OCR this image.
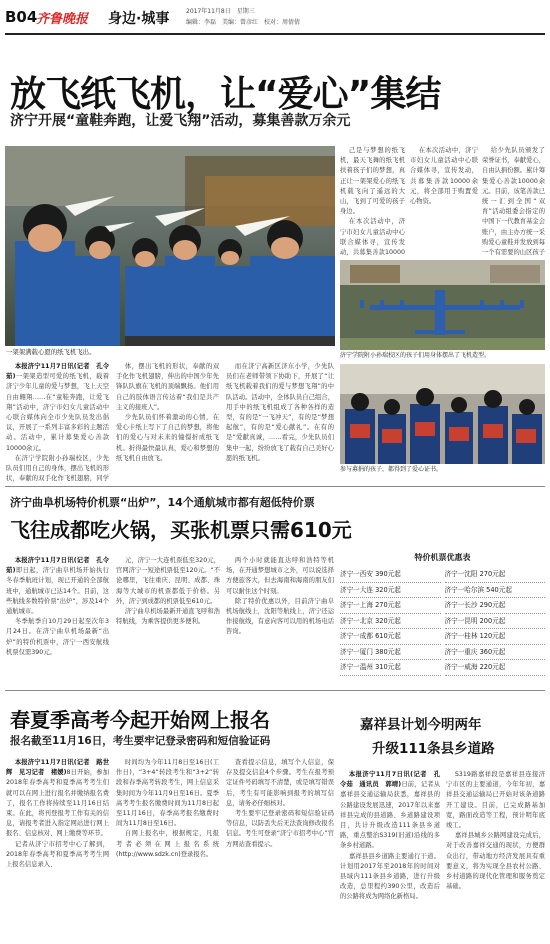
B04
齐鲁晚报 身边·城事	2017年11月8日　星期三
编辑：李磊　美编：曾彦红　校对：周倩倩
放飞纸飞机，让“爱心”集结
济宁开展“童鞋奔跑，让爱飞翔”活动，募集善款万余元
一架架满载心愿的纸飞机飞出。

己是与梦想的纸飞机，最天飞舞的纸飞机扶着孩子们的梦想，真正让一架架爱心的纸飞机载飞向了遥远的大山，飞到了可爱的孩子身边。

在本次活动中，济宁市妇女儿童活动中心联合媒体寻，宣传发动，共募集善款10000

在本次活动中，济宁市妇女儿童活动中心联合媒体寻，宣传发动，共募集善款10000余元，将全部用于购置爱心物资。

给少先队员颁发了荣誉证书，奉献爱心，自由认捐份额。累计筹集爱心善款10000余元。目前，该笔善款已统一汇到全国“双育”活动组委会指定的中国下一代教育基金会账户，由主办方统一采购爱心童鞋并发放到每一个有需要的山区孩子

济宁学院附小孙瑞校区的孩子们用身体摆出了飞机造型。
参与募捐的孩子，都得到了爱心证书。

本报济宁11月7日讯(记者　孔令茹)一架架造型可爱的纸飞机，载着济宁少年儿童的爱与梦想，飞上天空自由翱翔……在“童鞋奔跑，让爱飞翔”活动中，济宁市妇女儿童活动中心联合媒体向全市少先队员发出倡议，开展了一系列丰富多彩的主题活动。活动中，累计募集爱心善款10000余元。

在济宁学院附小孙瑞校区，少先队员们用自己的身体，摆出飞机的形状，奉献的双手化作飞机翅膀，同学

体，摆出飞机的形状，奉献的双手化作飞机翅膀，伸出的中国少年先锋队队旗在飞机的顶端飘扬。他们用自己的肢体语言传达着“我们是共产主义的接班人”。

少先队员们怀着激动的心情，在爱心卡纸上写下了自己的梦想，将他们的爱心与对未来的憧憬折成纸飞机。折得最快最认真，爱心和梦想的纸飞机自由放飞。

而在济宁高新区济东小学，少先队员们在老师带领下协助下，开展了“让纸飞机载着我们的爱与梦想飞翔”的中队活动。活动中，全体队员自己组合，用手中的纸飞机组成了各种各样的造型，有的是“一飞冲天”，有的是“梦想起航”，有的是“爱心献礼”。在有的是“爱献真诚，……看完，少先队员们集中一起，纷纷放飞了载有自己美好心愿的纸飞机。

济宁曲阜机场特价机票“出炉”，14个通航城市都有超低特价票
飞往成都吃火锅，买张机票只需610元

本报济宁11月7日讯(记者　孔令茹)即日起，济宁曲阜机场开始执行冬春季航班计划，现已开通的全部航班中，通航城市已达14个。目前，这些航线多数特价票“出炉”，涉及14个通航城市。

冬季航季自10月29日起至次年3月24日。在济宁曲阜机场最新“出炉”的特价机票中，济宁一西安航线机票仅需390元。

元，济宁一大连机票低至320元，官网济宁一短途机票低至120元。“不论哪里，飞往重庆、昆明、成都、珠海等大城市的机票都低于价格。另外，济宁到成都的机票低至610元。

济宁曲阜机场最新开通直飞呼和浩特航线，为乘客提供更多便利。

两个小时就能直达呼和浩特等机场，在开通梦想城市之外，可以说选择方便旅客大，但去海南和海南的朋友们可以耐住这个时刻。

除了特价优惠以外，目前济宁曲阜机场航线上，沈阳等航线上，济宁还运作接航线，有意向客可以用的机场电话咨询。

特价机票优惠表
济宁一西安 390元起
济宁一大连 320元起
济宁一上海 270元起
济宁一北京 320元起
济宁一成都 610元起
济宁一厦门 380元起
济宁一温州 310元起
济宁一沈阳 270元起
济宁一哈尔滨 540元起
济宁一长沙 290元起
济宁一昆明 200元起
济宁一桂林 120元起
济宁一重庆 360元起
济宁一威海 220元起
春夏季高考今起开始网上报名
报名截至11月16日，考生要牢记登录密码和短信验证码

本报济宁11月7日讯(记者　路世辉　见习记者　褚媛)8日开始，参加2018年春季高考和夏季高考考生们就可以在网上进行报名并缴纳报名费了，报名工作将持续至11月16日结束。在此，将刊登报考工作有关的信息，请报考者进入指定网站进行网上报名、信息核对、网上缴费等环节。

记者从济宁市招考中心了解到，2018年春季高考和夏季高考考生网上报名信息录入、

时间均为今年11月8日至16日(工作日)，“3+4”转段考生和“3+2”转段和春季高考转段考生，网上信息采集时间为今年11月9日至16日。夏季高考考生报名缴费时间为11月8日起至11月16日，春季高考报名缴费时间为11月8日至16日。

自网上报名中，根据规定，凡报考者必须在网上报名系统(http://www.sdzk.cn)登录报名。

查看提示信息，填写个人信息，保存及提交信息4个步骤。考生在报考预定证件号码填写不清楚，或是填写错误后，考生有可能影响到报考的填写信息，请务必仔细核对。

考生要牢记登录密码和短信验证码等信息，以防丢失后无法查询修改报名信息。考生可登录“济宁市招考中心”官方网站查看提示。

嘉祥县计划今明两年
升级111条县乡道路

本报济宁11月7日讯(记者　孔令茹　通讯员　郭靖)日前，记者从嘉祥县交通运输局获悉，嘉祥县的公路建设发展迅速，2017年以来嘉祥县完成的县道路、乡道路建设项目，共计升级改造111条县乡道路，重点整治S319(旧道)沿线的多条乡村道路。

嘉祥县县乡道路主要通行干道。计划用2017年至2018年的时间对县域内111条县乡道路，进行升级改造，总里程约390公里，改造后的公路将成为网络化新格局。

S319路嘉祥段是嘉祥县连接济宁市区的主要通道，今年年初，嘉祥县交通运输局已开始对该条道路开工建设。目前，已完成路基加宽，路面改造等工程，预计明年底竣工。

嘉祥县城乡公路网建设完成后，对于改善嘉祥交通的现状，方便群众出行，带动地方经济发展具有重要意义，将为实现全县农村公路、乡村道路的现代化管理和服务奠定基础。
